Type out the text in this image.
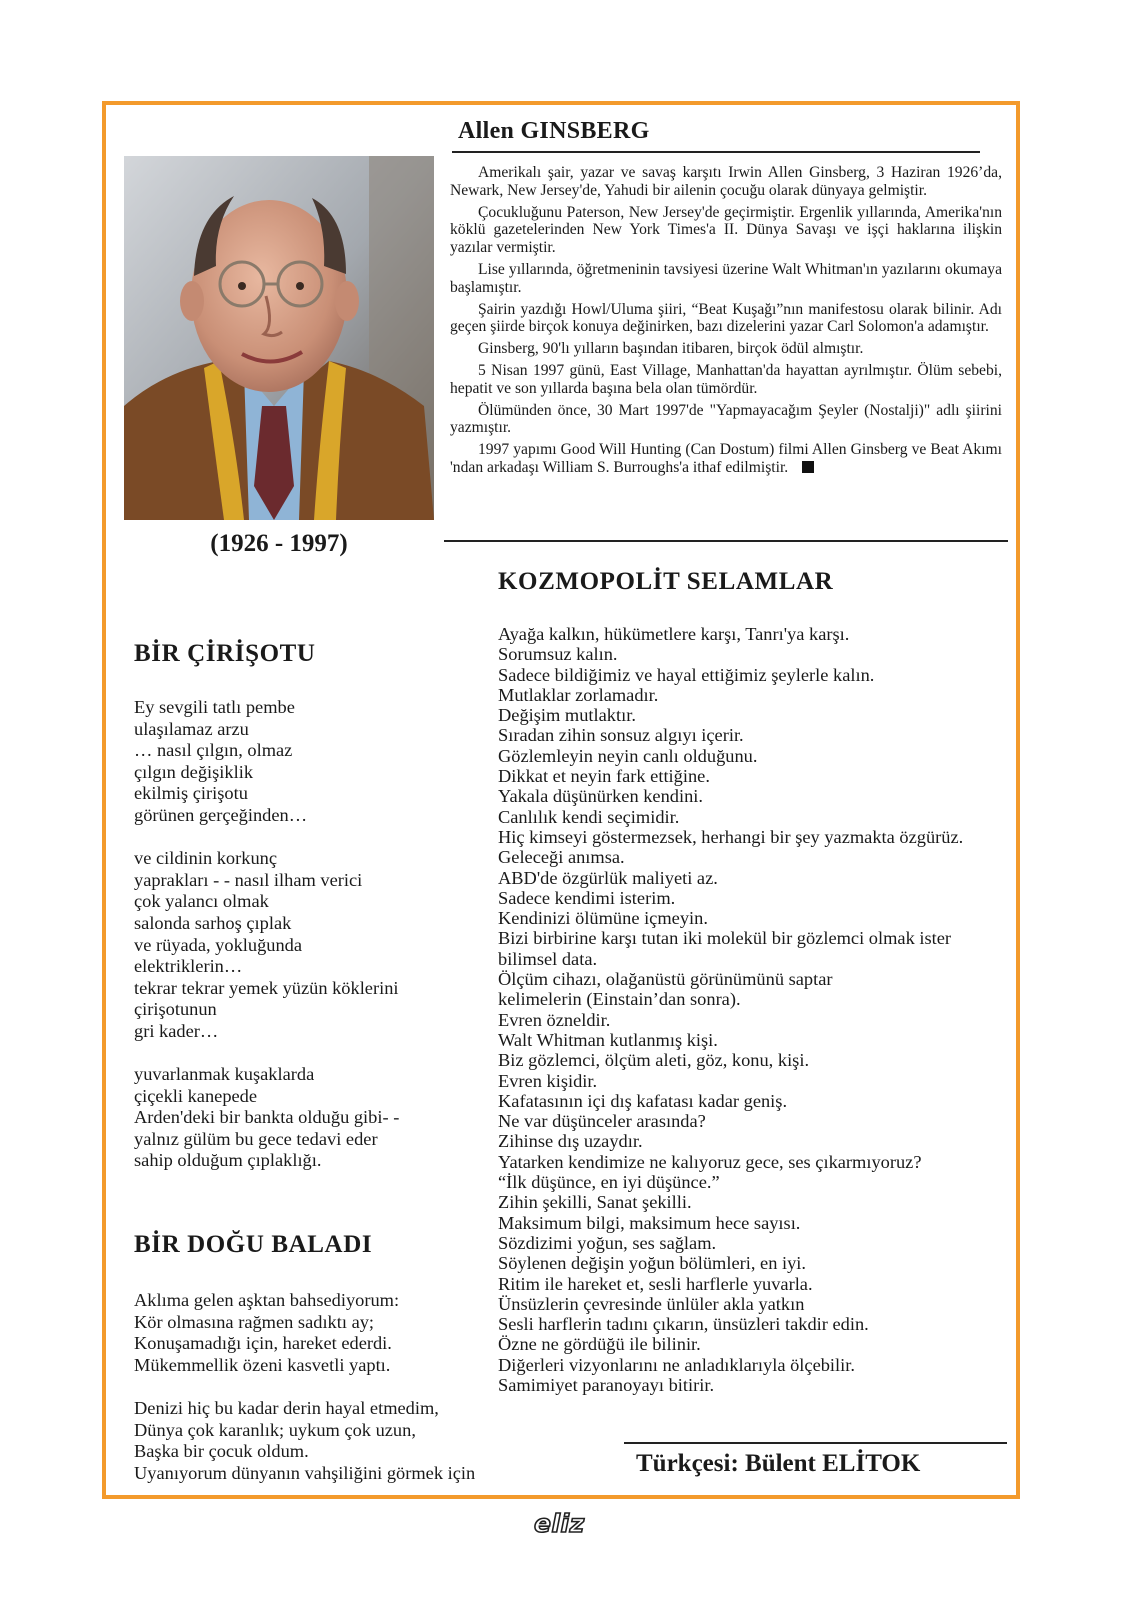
Allen GINSBERG

(1926 - 1997)

Amerikalı şair, yazar ve savaş karşıtı Irwin Allen Ginsberg, 3 Haziran 1926’da, Newark, New Jersey'de, Yahudi bir ailenin çocuğu olarak dünyaya gelmiştir.

Çocukluğunu Paterson, New Jersey'de geçirmiştir. Ergenlik yıllarında, Amerika'nın köklü gazetelerinden New York Times'a II. Dünya Savaşı ve işçi haklarına ilişkin yazılar vermiştir.

Lise yıllarında, öğretmeninin tavsiyesi üzerine Walt Whitman'ın yazılarını okumaya başlamıştır.

Şairin yazdığı Howl/Uluma şiiri, “Beat Kuşağı”nın manifestosu olarak bilinir. Adı geçen şiirde birçok konuya değinirken, bazı dizelerini yazar Carl Solomon'a adamıştır.

Ginsberg, 90'lı yılların başından itibaren, birçok ödül almıştır.

5 Nisan 1997 günü, East Village, Manhattan'da hayattan ayrılmıştır. Ölüm sebebi, hepatit ve son yıllarda başına bela olan tümördür.

Ölümünden önce, 30 Mart 1997'de "Yapmayacağım Şeyler (Nostalji)" adlı şiirini yazmıştır.

1997 yapımı Good Will Hunting (Can Dostum) filmi Allen Ginsberg ve Beat Akımı 'ndan arkadaşı William S. Burroughs'a ithaf edilmiştir.

BİR ÇİRİŞOTU
Ey sevgili tatlı pembe
ulaşılamaz arzu
… nasıl çılgın, olmaz
çılgın değişiklik
ekilmiş çirişotu
görünen gerçeğinden…
ve cildinin korkunç
yaprakları - - nasıl ilham verici
çok yalancı olmak
salonda sarhoş çıplak
ve rüyada, yokluğunda
elektriklerin…
tekrar tekrar yemek yüzün köklerini
çirişotunun
gri kader…
yuvarlanmak kuşaklarda
çiçekli kanepede
Arden'deki bir bankta olduğu gibi- -
yalnız gülüm bu gece tedavi eder
sahip olduğum çıplaklığı.
BİR DOĞU BALADI
Aklıma gelen aşktan bahsediyorum:
Kör olmasına rağmen sadıktı ay;
Konuşamadığı için, hareket ederdi.
Mükemmellik özeni kasvetli yaptı.
Denizi hiç bu kadar derin hayal etmedim,
Dünya çok karanlık; uykum çok uzun,
Başka bir çocuk oldum.
Uyanıyorum dünyanın vahşiliğini görmek için
KOZMOPOLİT SELAMLAR
Ayağa kalkın, hükümetlere karşı, Tanrı'ya karşı.
Sorumsuz kalın.
Sadece bildiğimiz ve hayal ettiğimiz şeylerle kalın.
Mutlaklar zorlamadır.
Değişim mutlaktır.
Sıradan zihin sonsuz algıyı içerir.
Gözlemleyin neyin canlı olduğunu.
Dikkat et neyin fark ettiğine.
Yakala düşünürken kendini.
Canlılık kendi seçimidir.
Hiç kimseyi göstermezsek, herhangi bir şey yazmakta özgürüz.
Geleceği anımsa.
ABD'de özgürlük maliyeti az.
Sadece kendimi isterim.
Kendinizi ölümüne içmeyin.
Bizi birbirine karşı tutan iki molekül bir gözlemci olmak ister
bilimsel data.
Ölçüm cihazı, olağanüstü görünümünü saptar
kelimelerin (Einstain’dan sonra).
Evren özneldir.
Walt Whitman kutlanmış kişi.
Biz gözlemci, ölçüm aleti, göz, konu, kişi.
Evren kişidir.
Kafatasının içi dış kafatası kadar geniş.
Ne var düşünceler arasında?
Zihinse dış uzaydır.
Yatarken kendimize ne kalıyoruz gece, ses çıkarmıyoruz?
“İlk düşünce, en iyi düşünce.”
Zihin şekilli, Sanat şekilli.
Maksimum bilgi, maksimum hece sayısı.
Sözdizimi yoğun, ses sağlam.
Söylenen değişin yoğun bölümleri, en iyi.
Ritim ile hareket et, sesli harflerle yuvarla.
Ünsüzlerin çevresinde ünlüler akla yatkın
Sesli harflerin tadını çıkarın, ünsüzleri takdir edin.
Özne ne gördüğü ile bilinir.
Diğerleri vizyonlarını ne anladıklarıyla ölçebilir.
Samimiyet paranoyayı bitirir.

Türkçesi: Bülent ELİTOK

eliz
